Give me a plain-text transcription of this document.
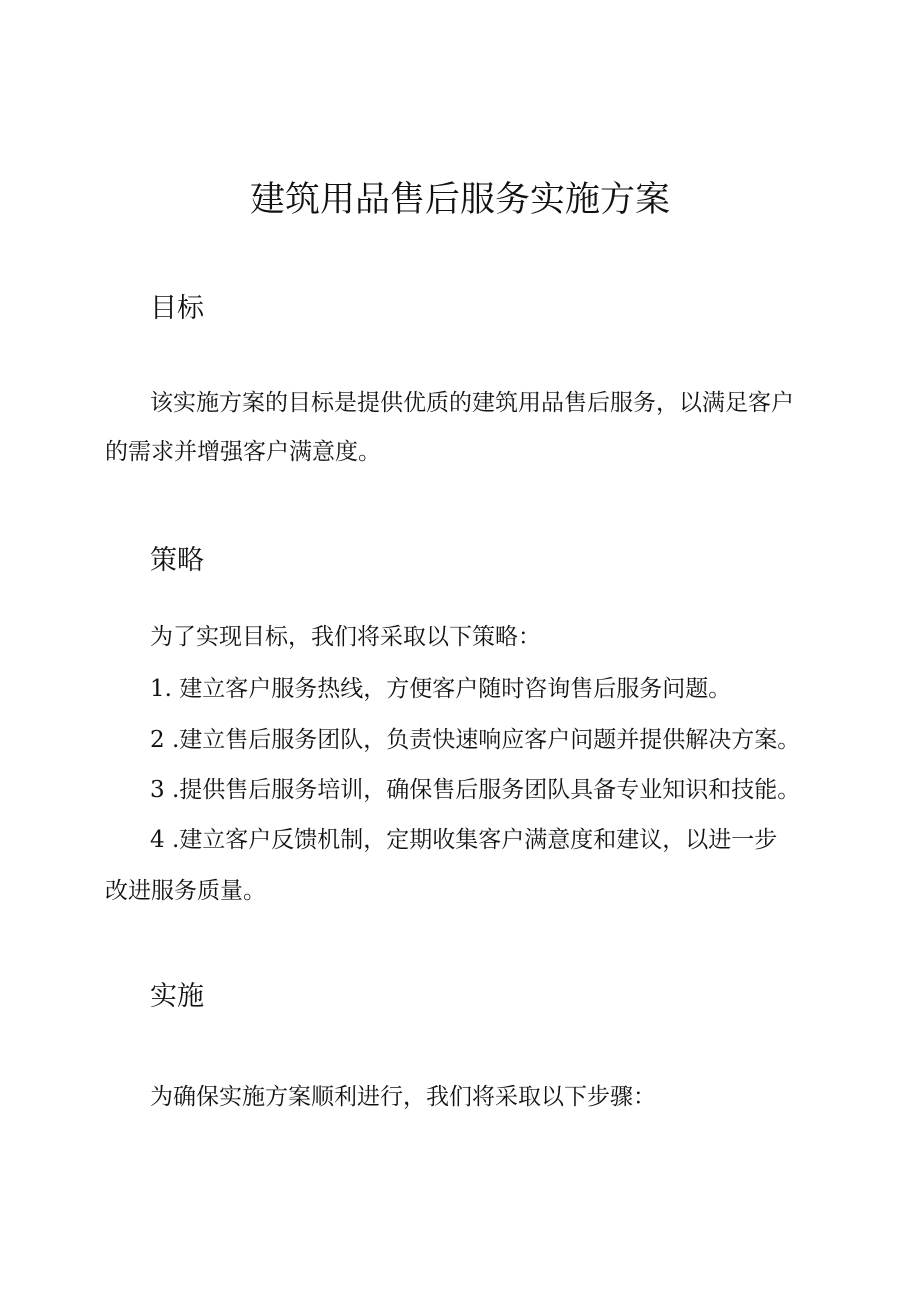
建筑用品售后服务实施方案
目标
该实施方案的目标是提供优质的建筑用品售后服务，以满足客户
的需求并增强客户满意度。
策略
为了实现目标，我们将采取以下策略：
1. 建立客户服务热线，方便客户随时咨询售后服务问题。
2 .建立售后服务团队，负责快速响应客户问题并提供解决方案。
3 .提供售后服务培训，确保售后服务团队具备专业知识和技能。
4 .建立客户反馈机制，定期收集客户满意度和建议，以进一步
改进服务质量。
实施
为确保实施方案顺利进行，我们将采取以下步骤：
